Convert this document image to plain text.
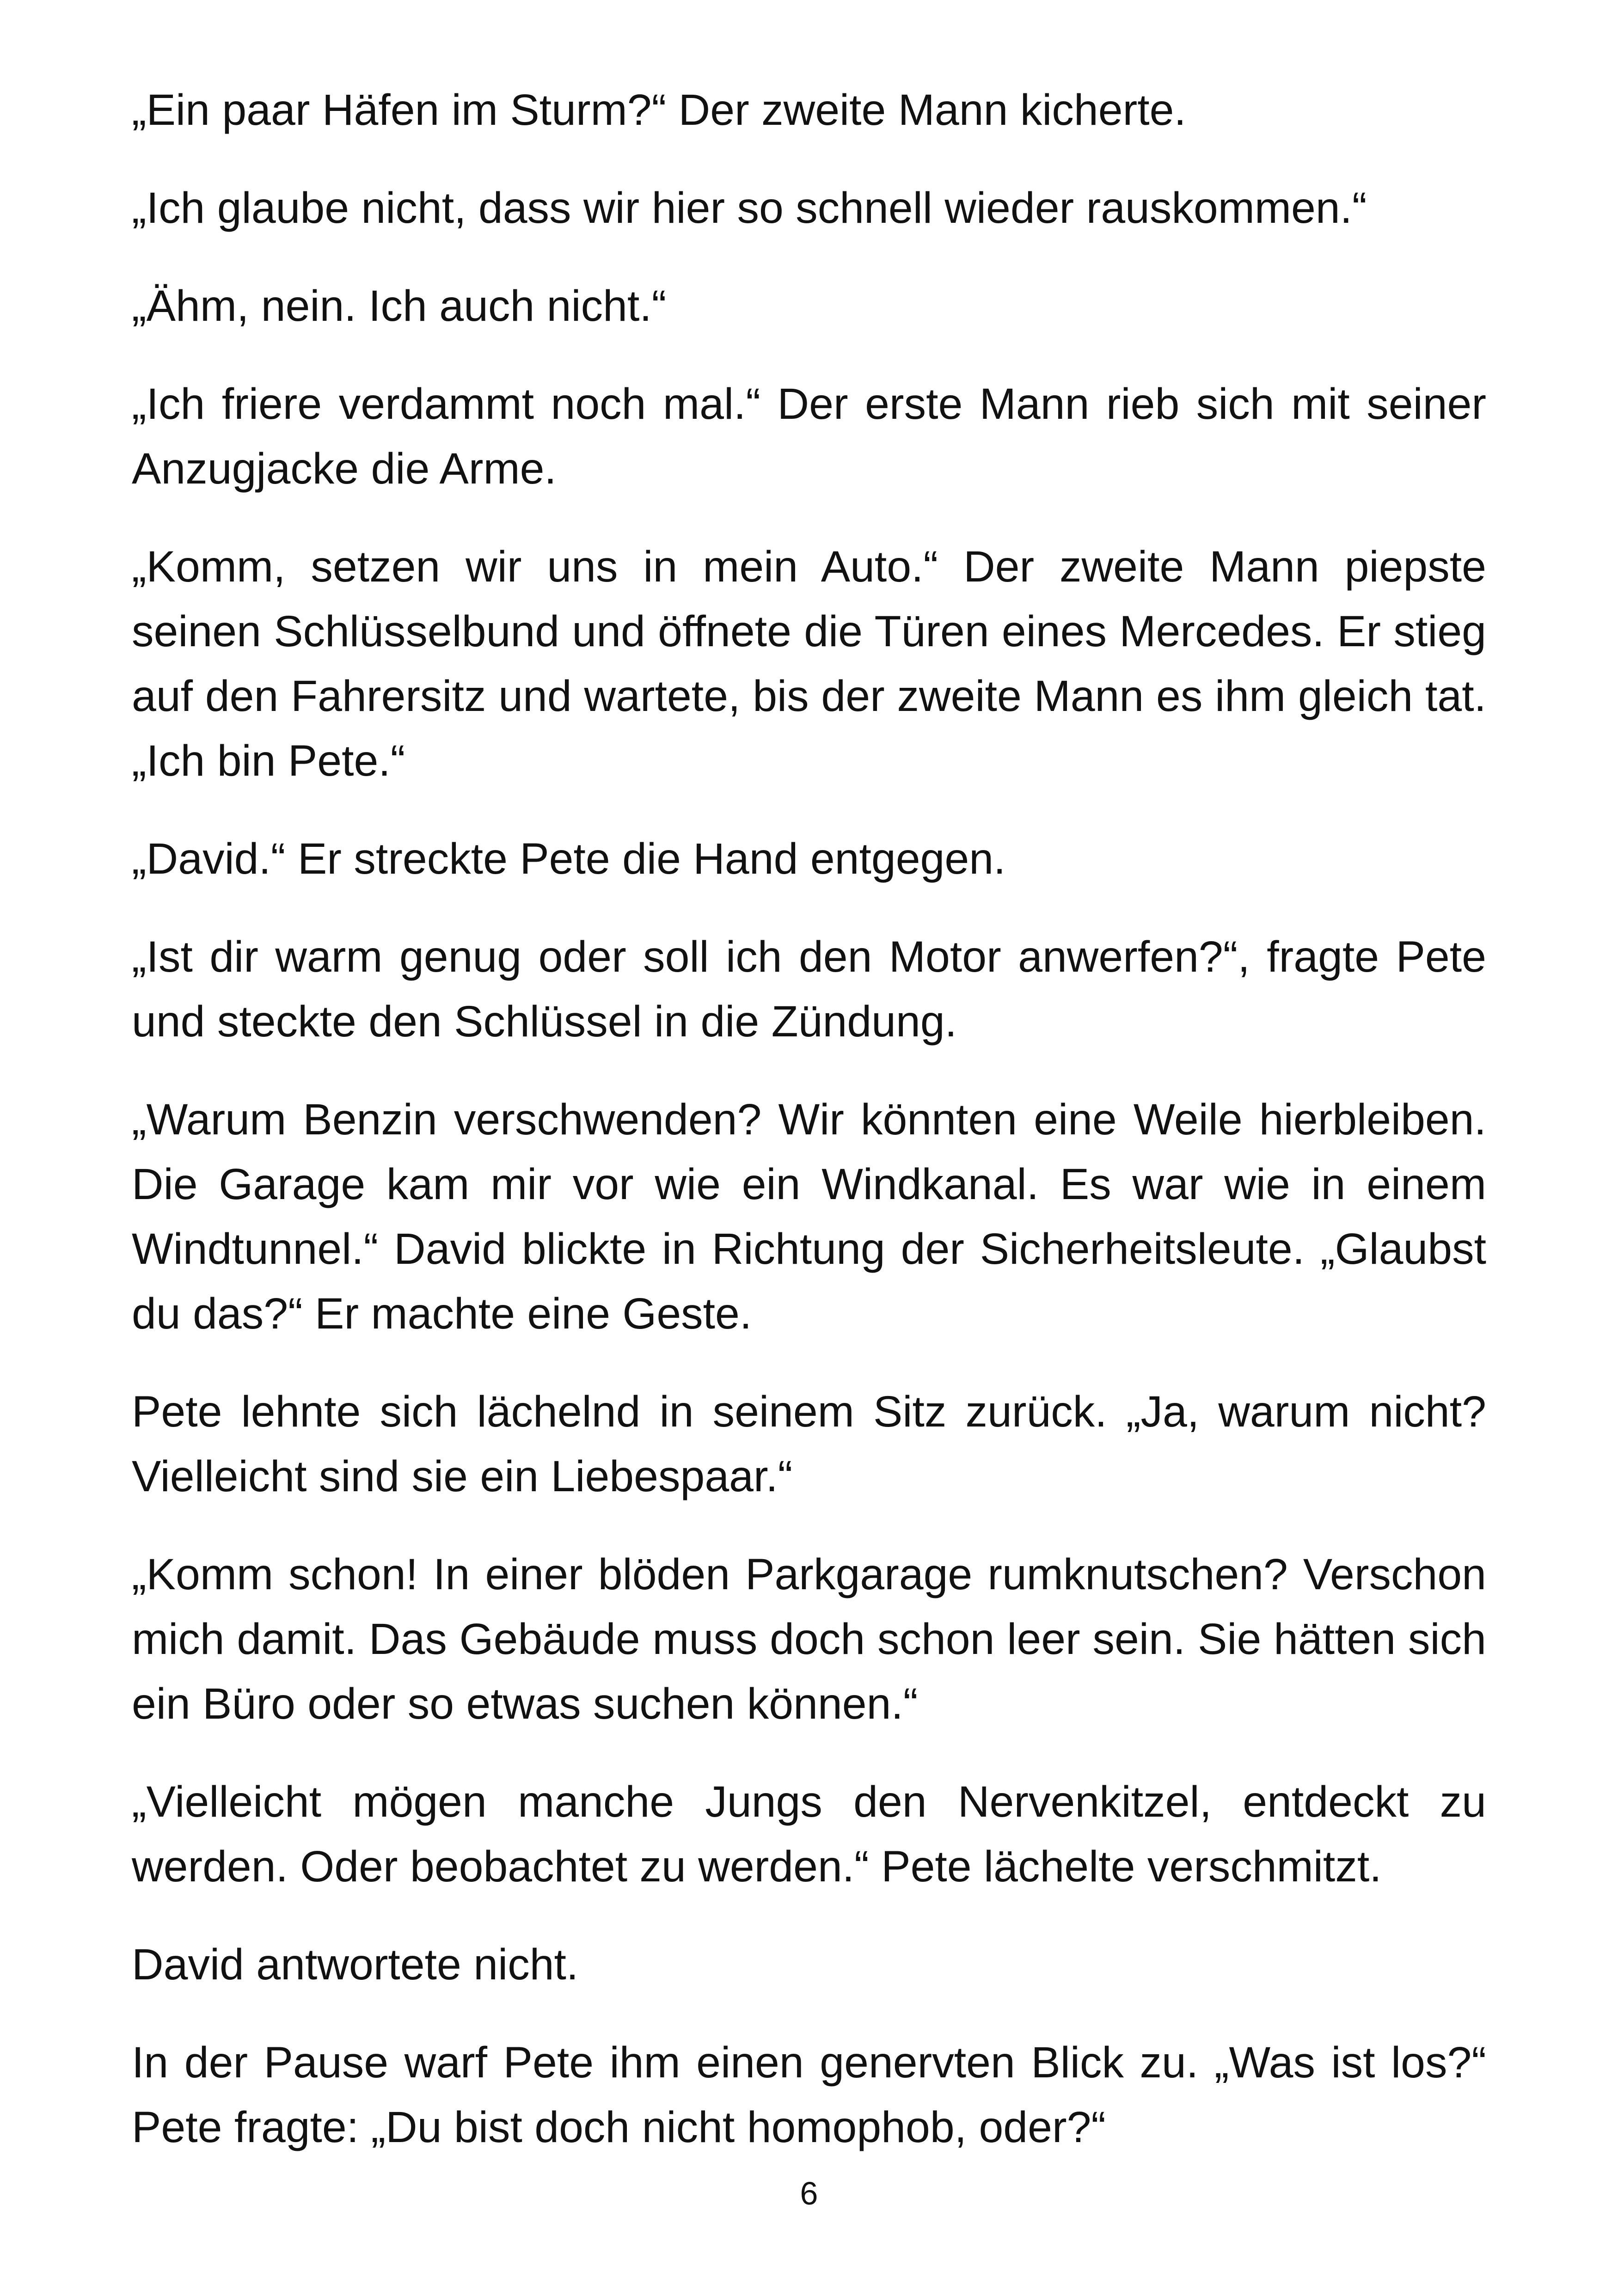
„Ein paar Häfen im Sturm?“ Der zweite Mann kicherte.

„Ich glaube nicht, dass wir hier so schnell wieder rauskommen.“

„Ähm, nein. Ich auch nicht.“

„Ich friere verdammt noch mal.“ Der erste Mann rieb sich mit seiner Anzugjacke die Arme.

„Komm, setzen wir uns in mein Auto.“ Der zweite Mann piepste seinen Schlüsselbund und öffnete die Türen eines Mercedes. Er stieg auf den Fahrersitz und wartete, bis der zweite Mann es ihm gleich tat. „Ich bin Pete.“

„David.“ Er streckte Pete die Hand entgegen.

„Ist dir warm genug oder soll ich den Motor anwerfen?“, fragte Pete und steckte den Schlüssel in die Zündung.

„Warum Benzin verschwenden? Wir könnten eine Weile hierbleiben. Die Garage kam mir vor wie ein Windkanal. Es war wie in einem Windtunnel.“ David blickte in Richtung der Sicherheitsleute. „Glaubst du das?“ Er machte eine Geste.

Pete lehnte sich lächelnd in seinem Sitz zurück. „Ja, warum nicht? Vielleicht sind sie ein Liebespaar.“

„Komm schon! In einer blöden Parkgarage rumknutschen? Verschon mich damit. Das Gebäude muss doch schon leer sein. Sie hätten sich ein Büro oder so etwas suchen können.“

„Vielleicht mögen manche Jungs den Nervenkitzel, entdeckt zu werden. Oder beobachtet zu werden.“ Pete lächelte verschmitzt.

David antwortete nicht.

In der Pause warf Pete ihm einen genervten Blick zu. „Was ist los?“ Pete fragte: „Du bist doch nicht homophob, oder?“

6
